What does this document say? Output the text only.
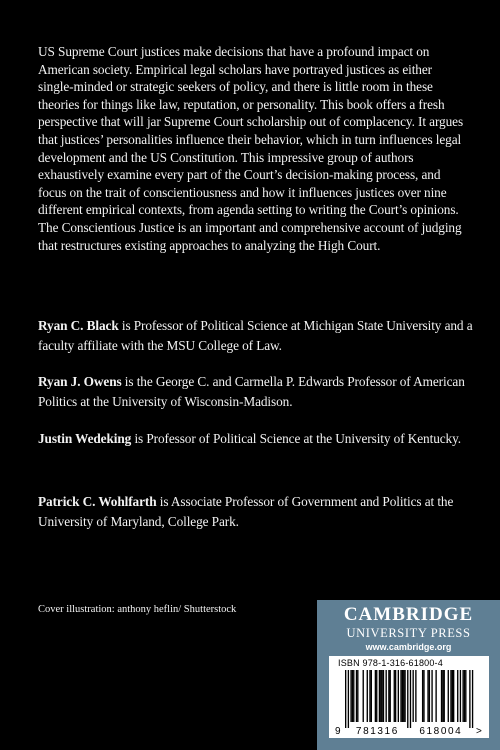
US Supreme Court justices make decisions that have a profound impact on American society. Empirical legal scholars have portrayed justices as either single-minded or strategic seekers of policy, and there is little room in these theories for things like law, reputation, or personality. This book offers a fresh perspective that will jar Supreme Court scholarship out of complacency. It argues that justices’ personalities influence their behavior, which in turn influences legal development and the US Constitution. This impressive group of authors exhaustively examine every part of the Court’s decision-making process, and focus on the trait of conscientiousness and how it influences justices over nine different empirical contexts, from agenda setting to writing the Court’s opinions. The Conscientious Justice is an important and comprehensive account of judging that restructures existing approaches to analyzing the High Court.

Ryan C. Black is Professor of Political Science at Michigan State University and a faculty affiliate with the MSU College of Law.

Ryan J. Owens is the George C. and Carmella P. Edwards Professor of American Politics at the University of Wisconsin-Madison.

Justin Wedeking is Professor of Political Science at the University of Kentucky.

Patrick C. Wohlfarth is Associate Professor of Government and Politics at the University of Maryland, College Park.

Cover illustration: anthony heflin/ Shutterstock	CAMBRIDGE
UNIVERSITY PRESS
www.cambridge.org
ISBN 978-1-316-61800-4
9 781316 618004 >
